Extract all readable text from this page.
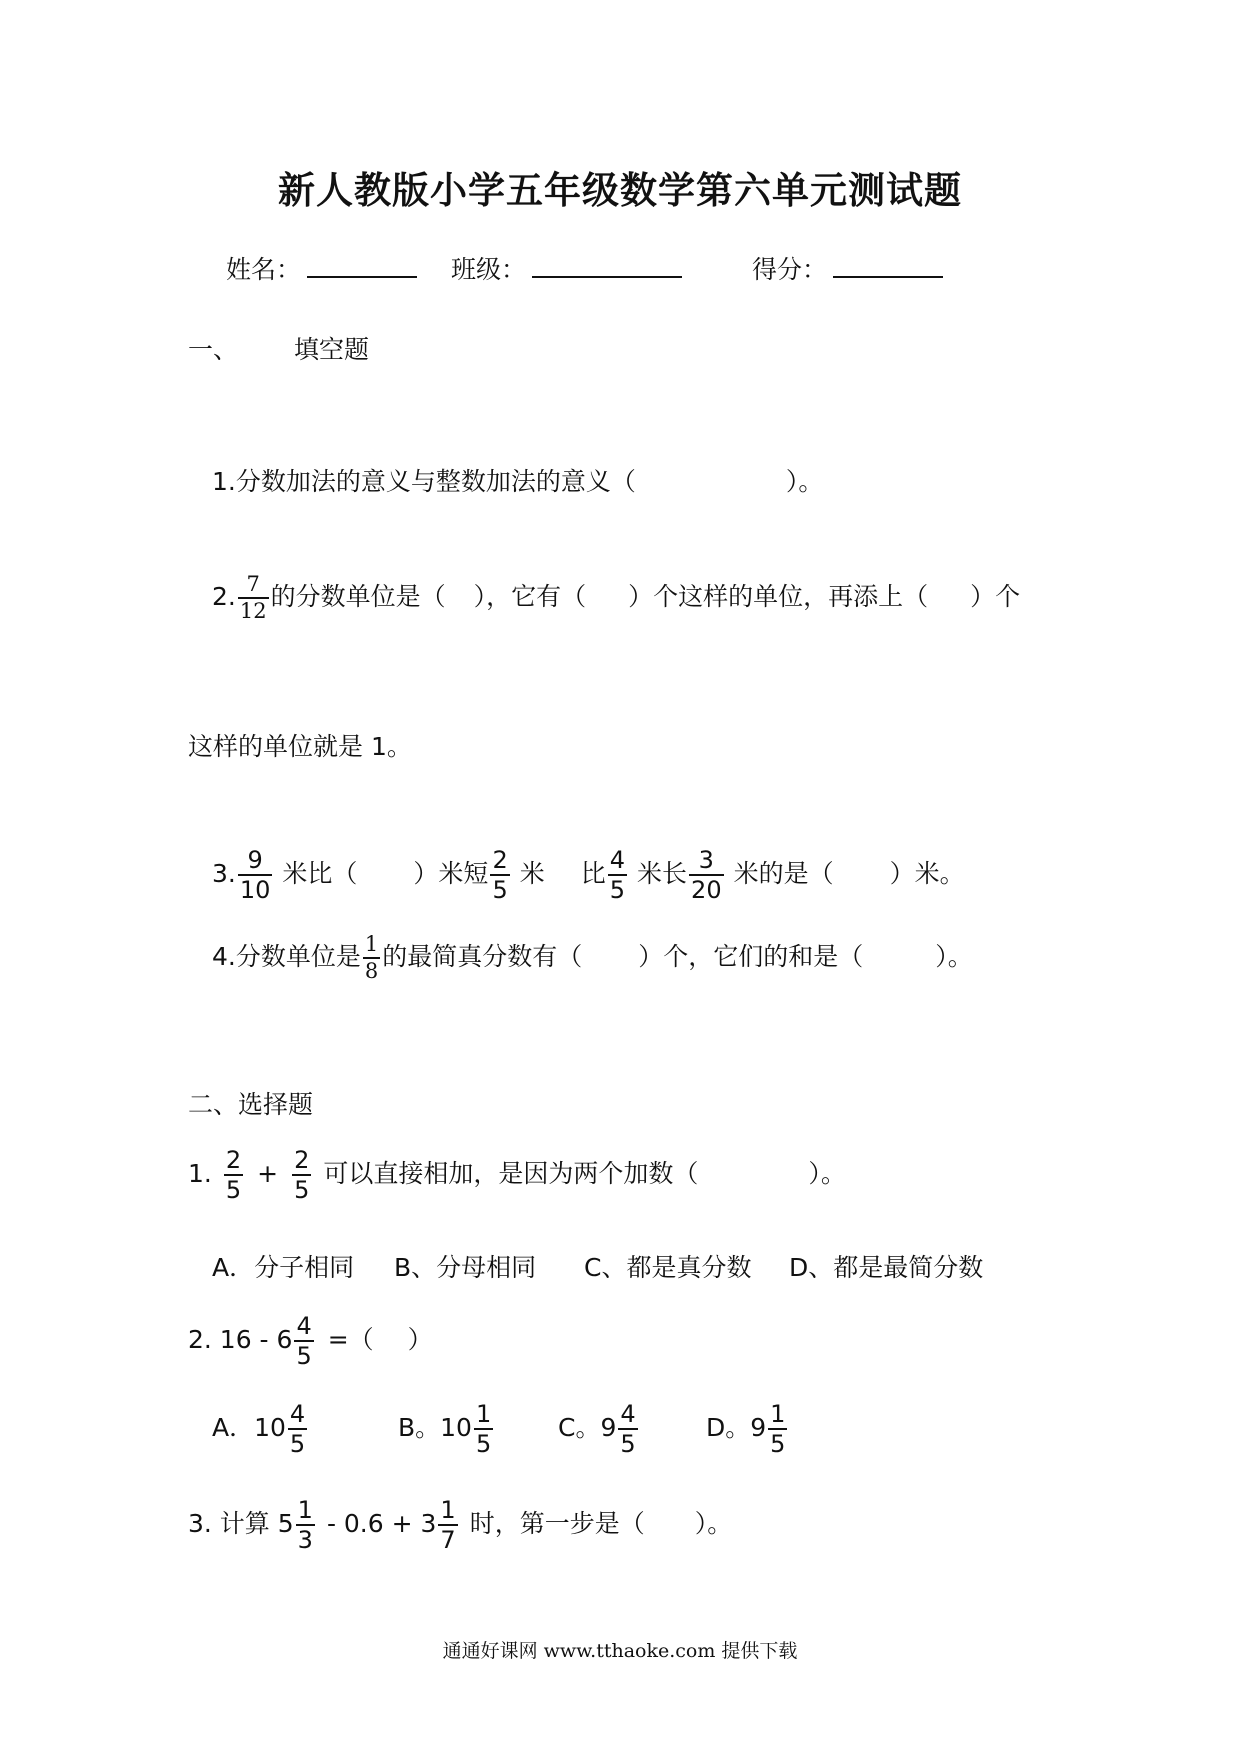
新人教版小学五年级数学第六单元测试题
姓名：	班级：	得分：
一、 填空题
1.分数加法的意义与整数加法的意义（	）。
2. $\frac{7}{12}$ 的分数单位是（ ），它有（ ）个这样的单位，再添上（ ）个
这样的单位就是 1。
3. $\frac{9}{10}$ 米比（ ）米短 $\frac{2}{5}$ 米 比 $\frac{4}{5}$ 米长 $\frac{3}{20}$ 米的是（ ）米。
4.分数单位是 $\frac{1}{8}$ 的最简真分数有（ ）个，它们的和是（	）。
二、选择题
1. $\frac{2}{5} + \frac{2}{5}$ 可以直接相加，是因为两个加数（	）。
A．分子相同 B、分母相同 C、都是真分数 D、都是最简分数
2. $16 - 6 \frac{4}{5}$ =（ ）
A．$10 \frac{4}{5}$	B。$10 \frac{1}{5}$	C。$9 \frac{4}{5}$	D。$9 \frac{1}{5}$
3. 计算 $5 \frac{1}{3} - 0.6 + 3 \frac{1}{7}$ 时，第一步是（ ）。
通通好课网 www.tthaoke.com 提供下载
